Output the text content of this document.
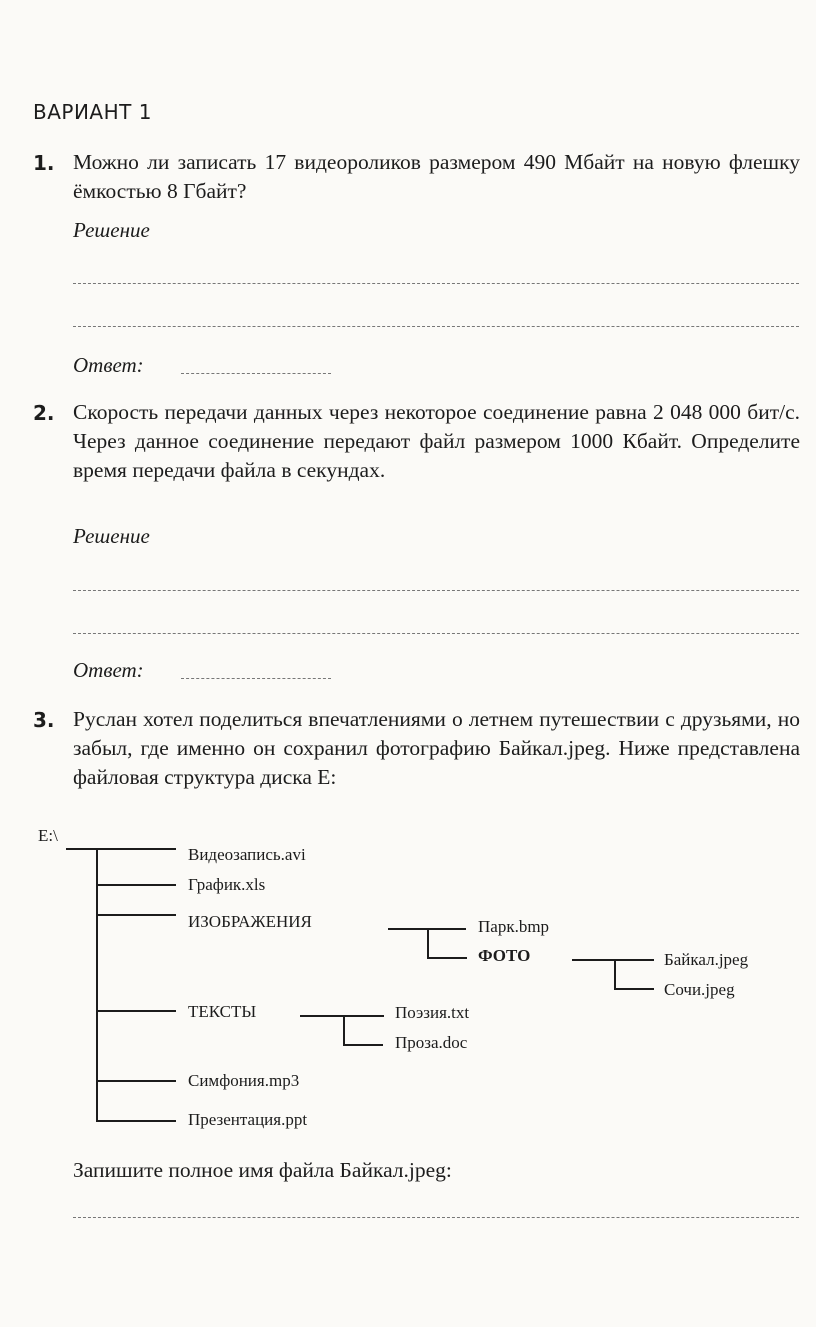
ВАРИАНТ 1
1. Можно ли записать 17 видеороликов размером 490 Мбайт на новую флешку ёмкостью 8 Гбайт?
Решение
Ответ:
2. Скорость передачи данных через некоторое соединение равна 2 048 000 бит/с. Через данное соединение передают файл размером 1000 Кбайт. Определите время передачи файла в секундах.
Решение
Ответ:
3. Руслан хотел поделиться впечатлениями о летнем путешествии с друзьями, но забыл, где именно он сохранил фотографию Байкал.jpeg. Ниже представлена файловая структура диска E:
E:\
Видеозапись.avi
График.xls
ИЗОБРАЖЕНИЯ	Парк.bmp
ФОТО	Байкал.jpeg
Сочи.jpeg
ТЕКСТЫ	Поэзия.txt
Проза.doc
Симфония.mp3
Презентация.ppt
Запишите полное имя файла Байкал.jpeg:
